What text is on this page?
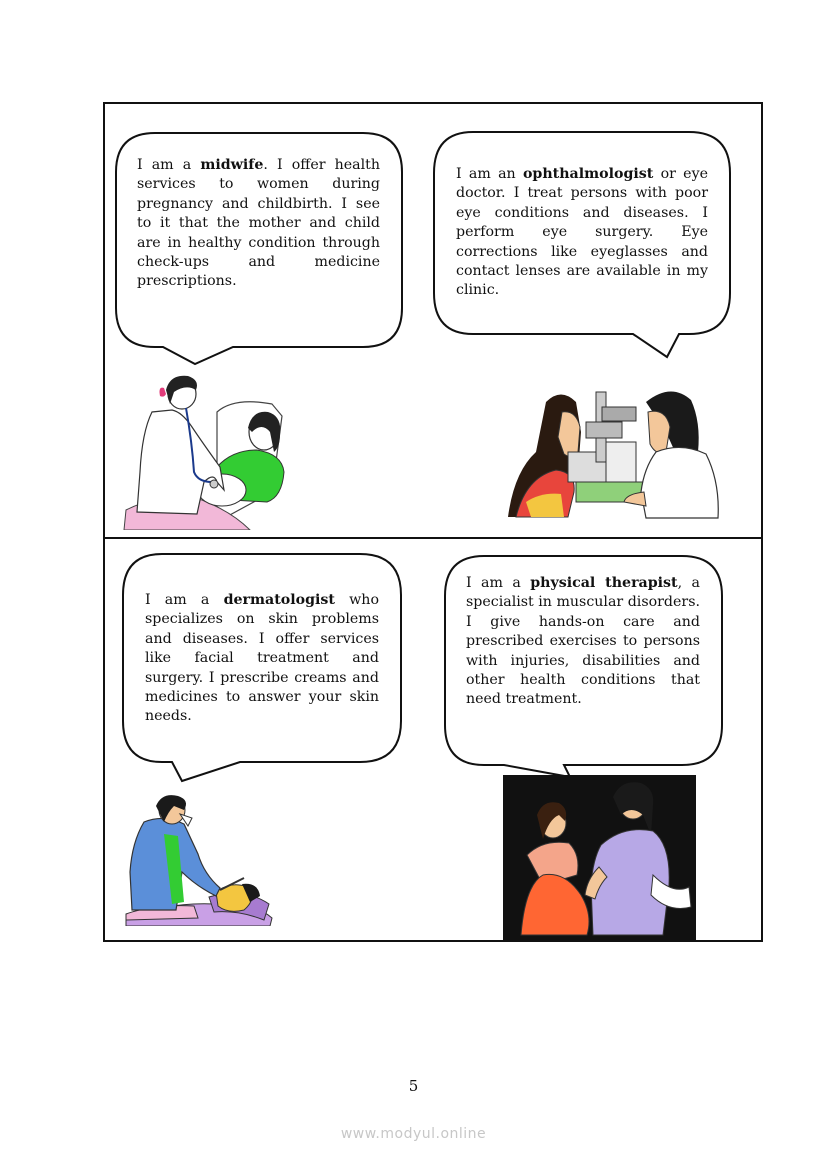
I am a midwife. I offer health services to women during pregnancy and childbirth. I see to it that the mother and child are in healthy condition through check-ups and medicine prescriptions.
I am an ophthalmologist or eye doctor. I treat persons with poor eye conditions and diseases. I perform eye surgery. Eye corrections like eyeglasses and contact lenses are available in my clinic.
I am a dermatologist who specializes on skin problems and diseases. I offer services like facial treatment and surgery. I prescribe creams and medicines to answer your skin needs.
I am a physical therapist, a specialist in muscular disorders. I give hands-on care and prescribed exercises to persons with injuries, disabilities and other health conditions that need treatment.
5
www.modyul.online
